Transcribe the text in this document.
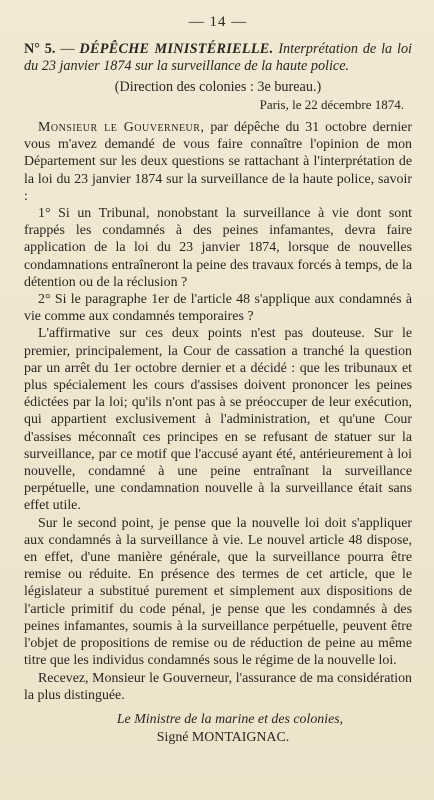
— 14 —

N° 5. — DÉPÊCHE MINISTÉRIELLE. Interprétation de la loi du 23 janvier 1874 sur la surveillance de la haute police.

(Direction des colonies : 3e bureau.)
Paris, le 22 décembre 1874.

Monsieur le Gouverneur, par dépêche du 31 octobre dernier vous m'avez demandé de vous faire connaître l'opinion de mon Département sur les deux questions se rattachant à l'interprétation de la loi du 23 janvier 1874 sur la surveillance de la haute police, savoir :

1° Si un Tribunal, nonobstant la surveillance à vie dont sont frappés les condamnés à des peines infamantes, devra faire application de la loi du 23 janvier 1874, lorsque de nouvelles condamnations entraîneront la peine des travaux forcés à temps, de la détention ou de la réclusion ?

2° Si le paragraphe 1er de l'article 48 s'applique aux condamnés à vie comme aux condamnés temporaires ?

L'affirmative sur ces deux points n'est pas douteuse. Sur le premier, principalement, la Cour de cassation a tranché la question par un arrêt du 1er octobre dernier et a décidé : que les tribunaux et plus spécialement les cours d'assises doivent prononcer les peines édictées par la loi; qu'ils n'ont pas à se préoccuper de leur exécution, qui appartient exclusivement à l'administration, et qu'une Cour d'assises méconnaît ces principes en se refusant de statuer sur la surveillance, par ce motif que l'accusé ayant été, antérieurement à loi nouvelle, condamné à une peine entraînant la surveillance perpétuelle, une condamnation nouvelle à la surveillance était sans effet utile.

Sur le second point, je pense que la nouvelle loi doit s'appliquer aux condamnés à la surveillance à vie. Le nouvel article 48 dispose, en effet, d'une manière générale, que la surveillance pourra être remise ou réduite. En présence des termes de cet article, que le législateur a substitué purement et simplement aux dispositions de l'article primitif du code pénal, je pense que les condamnés à des peines infamantes, soumis à la surveillance perpétuelle, peuvent être l'objet de propositions de remise ou de réduction de peine au même titre que les individus condamnés sous le régime de la nouvelle loi.

Recevez, Monsieur le Gouverneur, l'assurance de ma considération la plus distinguée.

Le Ministre de la marine et des colonies,
Signé MONTAIGNAC.
